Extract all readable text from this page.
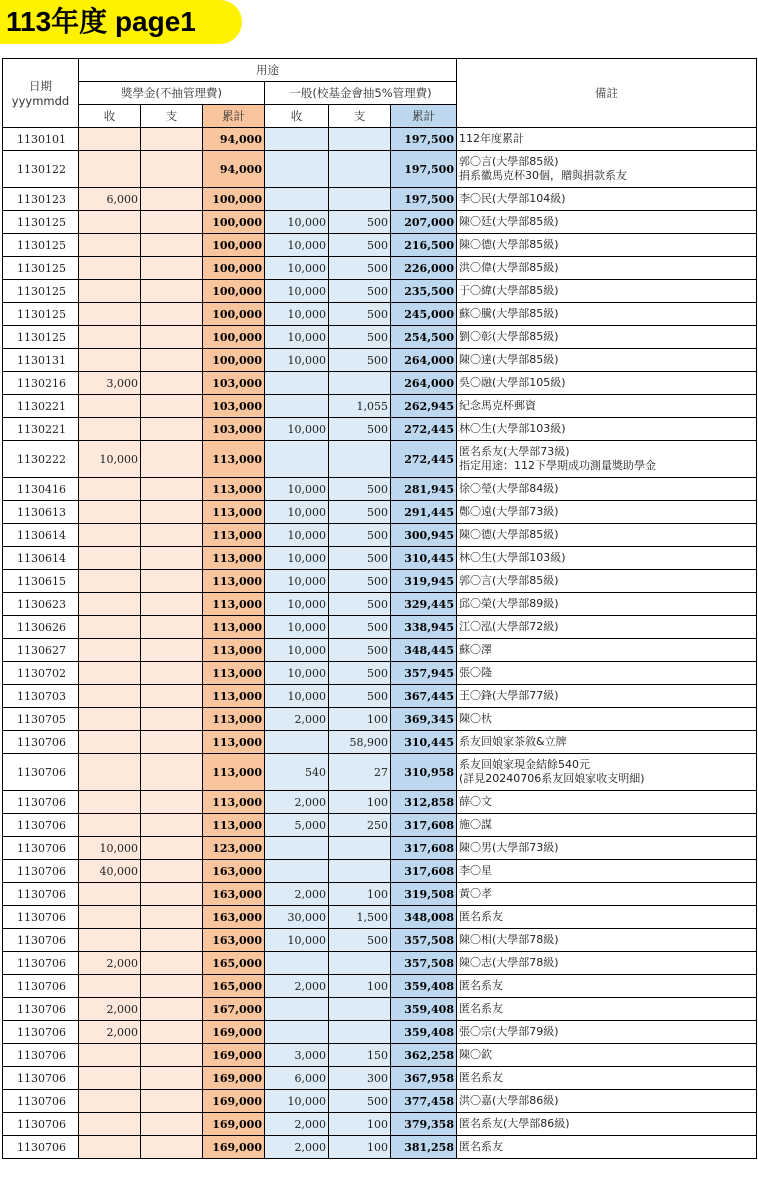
113年度 page1
日期
yyymmdd	用途						備註
	獎學金(不抽管理費)			一般(校基金會抽5%管理費)			
	收	支	累計	收	支	累計	
1130101			94,000			197,500	112年度累計

1130122			94,000			197,500	郭〇言(大學部85級)
捐系徽馬克杯30個，贈與捐款系友

1130123	6,000		100,000			197,500	李〇民(大學部104級)

1130125			100,000	10,000	500	207,000	陳〇廷(大學部85級)

1130125			100,000	10,000	500	216,500	陳〇德(大學部85級)

1130125			100,000	10,000	500	226,000	洪〇偉(大學部85級)

1130125			100,000	10,000	500	235,500	于〇緯(大學部85級)

1130125			100,000	10,000	500	245,000	蘇〇騰(大學部85級)

1130125			100,000	10,000	500	254,500	劉〇彰(大學部85級)

1130131			100,000	10,000	500	264,000	陳〇達(大學部85級)

1130216	3,000		103,000			264,000	吳〇融(大學部105級)

1130221			103,000		1,055	262,945	紀念馬克杯郵資

1130221			103,000	10,000	500	272,445	林〇生(大學部103級)

1130222	10,000		113,000			272,445	匿名系友(大學部73級)
指定用途：112下學期成功測量獎助學金

1130416			113,000	10,000	500	281,945	徐〇瑩(大學部84級)

1130613			113,000	10,000	500	291,445	鄭〇遠(大學部73級)

1130614			113,000	10,000	500	300,945	陳〇德(大學部85級)

1130614			113,000	10,000	500	310,445	林〇生(大學部103級)

1130615			113,000	10,000	500	319,945	郭〇言(大學部85級)

1130623			113,000	10,000	500	329,445	邱〇榮(大學部89級)

1130626			113,000	10,000	500	338,945	江〇泓(大學部72級)

1130627			113,000	10,000	500	348,445	蘇〇澤

1130702			113,000	10,000	500	357,945	張〇隆

1130703			113,000	10,000	500	367,445	王〇鋒(大學部77級)

1130705			113,000	2,000	100	369,345	陳〇杕

1130706			113,000		58,900	310,445	系友回娘家茶敘&立牌

1130706			113,000	540	27	310,958	系友回娘家現金結餘540元
(詳見20240706系友回娘家收支明細)

1130706			113,000	2,000	100	312,858	薛〇文

1130706			113,000	5,000	250	317,608	施〇謀

1130706	10,000		123,000			317,608	陳〇男(大學部73級)

1130706	40,000		163,000			317,608	李〇星

1130706			163,000	2,000	100	319,508	黃〇孝

1130706			163,000	30,000	1,500	348,008	匿名系友

1130706			163,000	10,000	500	357,508	陳〇相(大學部78級)

1130706	2,000		165,000			357,508	陳〇志(大學部78級)

1130706			165,000	2,000	100	359,408	匿名系友

1130706	2,000		167,000			359,408	匿名系友

1130706	2,000		169,000			359,408	張〇宗(大學部79級)

1130706			169,000	3,000	150	362,258	陳〇欽

1130706			169,000	6,000	300	367,958	匿名系友

1130706			169,000	10,000	500	377,458	洪〇嘉(大學部86級)

1130706			169,000	2,000	100	379,358	匿名系友(大學部86級)

1130706			169,000	2,000	100	381,258	匿名系友
